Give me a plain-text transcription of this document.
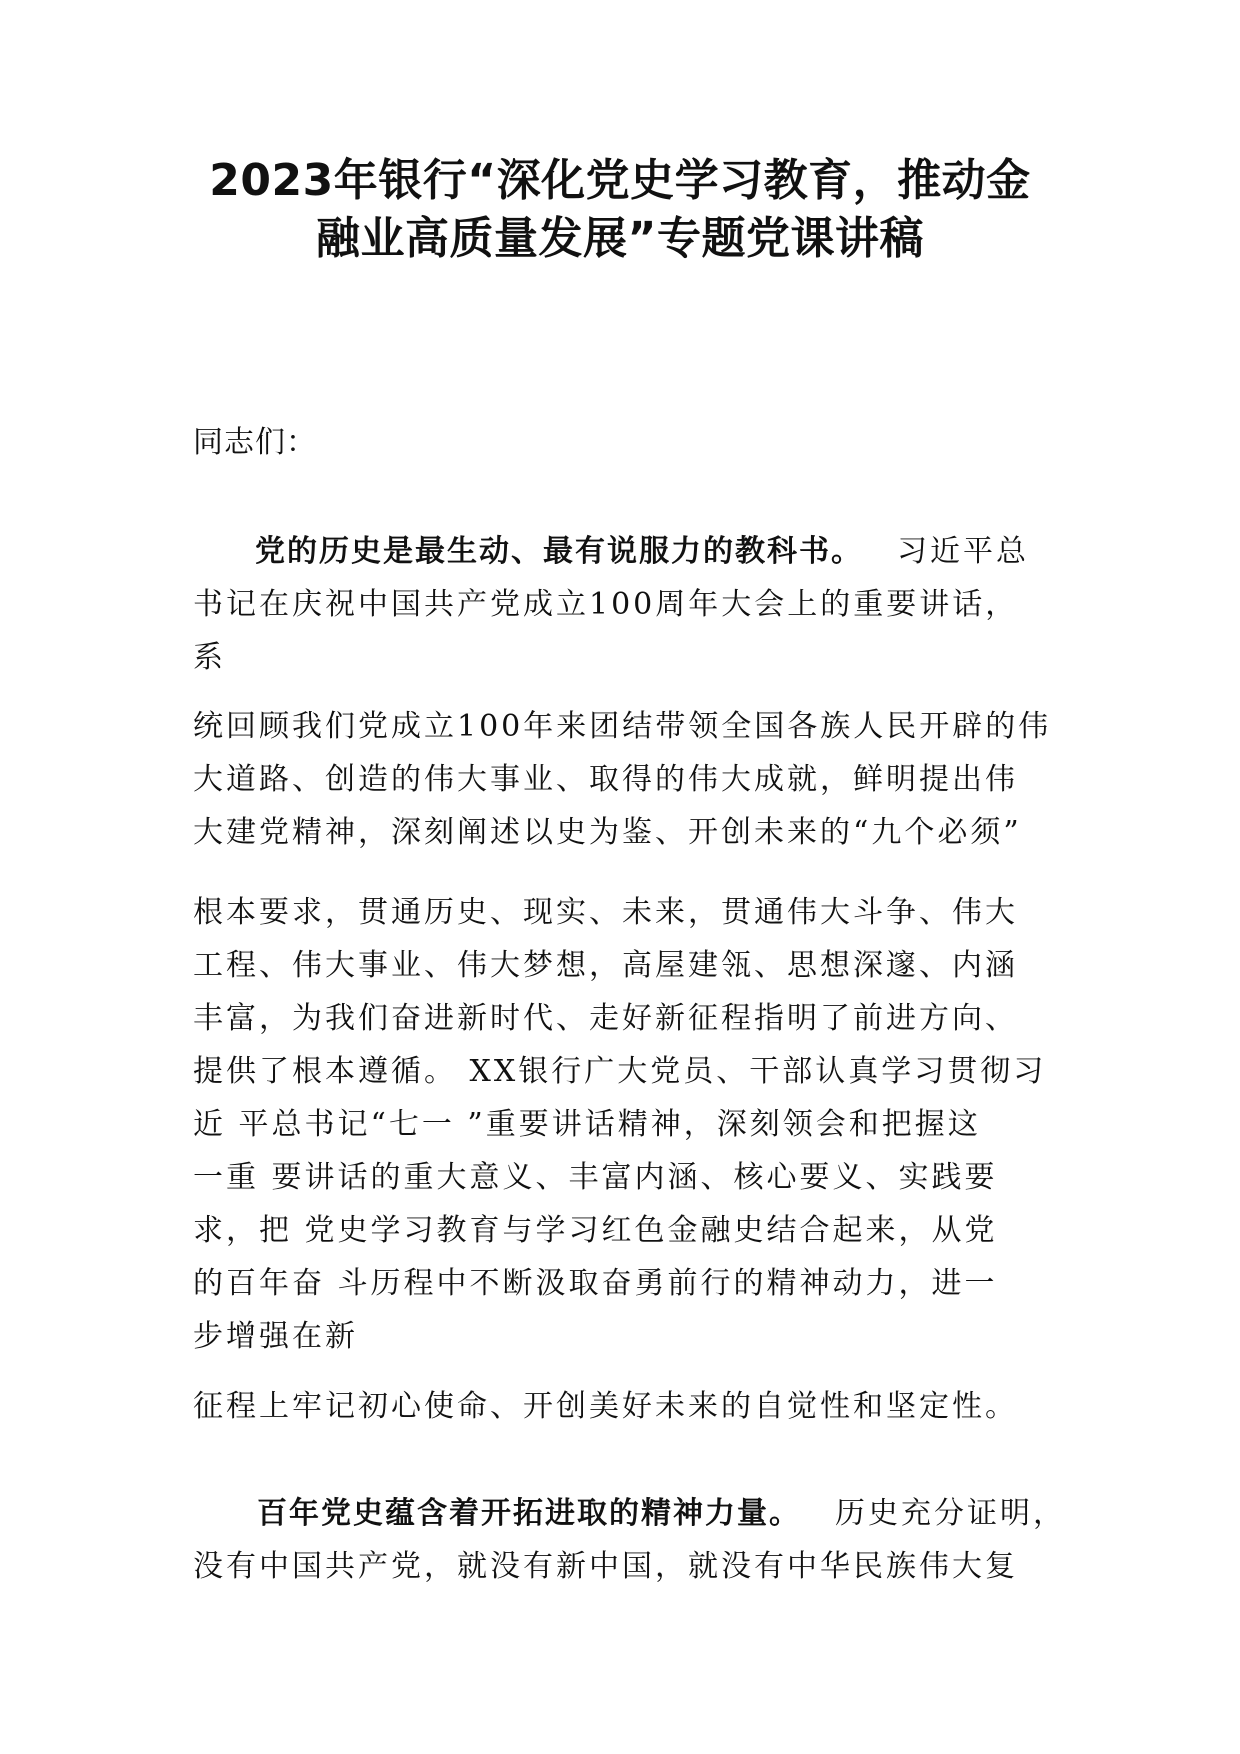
2023年银行“深化党史学习教育，推动金
融业高质量发展”专题党课讲稿
同志们：
党的历史是最生动、最有说服力的教科书。 习近平总
书记在庆祝中国共产党成立100周年大会上的重要讲话，
系
统回顾我们党成立100年来团结带领全国各族人民开辟的伟
大道路、创造的伟大事业、取得的伟大成就，鲜明提出伟
大建党精神，深刻阐述以史为鉴、开创未来的“九个必须”
根本要求，贯通历史、现实、未来，贯通伟大斗争、伟大
工程、伟大事业、伟大梦想，高屋建瓴、思想深邃、内涵
丰富，为我们奋进新时代、走好新征程指明了前进方向、
提供了根本遵循。 XX银行广大党员、干部认真学习贯彻习
近 平总书记“七一 ”重要讲话精神，深刻领会和把握这
一重 要讲话的重大意义、丰富内涵、核心要义、实践要
求，把 党史学习教育与学习红色金融史结合起来，从党
的百年奋 斗历程中不断汲取奋勇前行的精神动力，进一
步增强在新
征程上牢记初心使命、开创美好未来的自觉性和坚定性。
百年党史蕴含着开拓进取的精神力量。 历史充分证明，
没有中国共产党，就没有新中国，就没有中华民族伟大复
